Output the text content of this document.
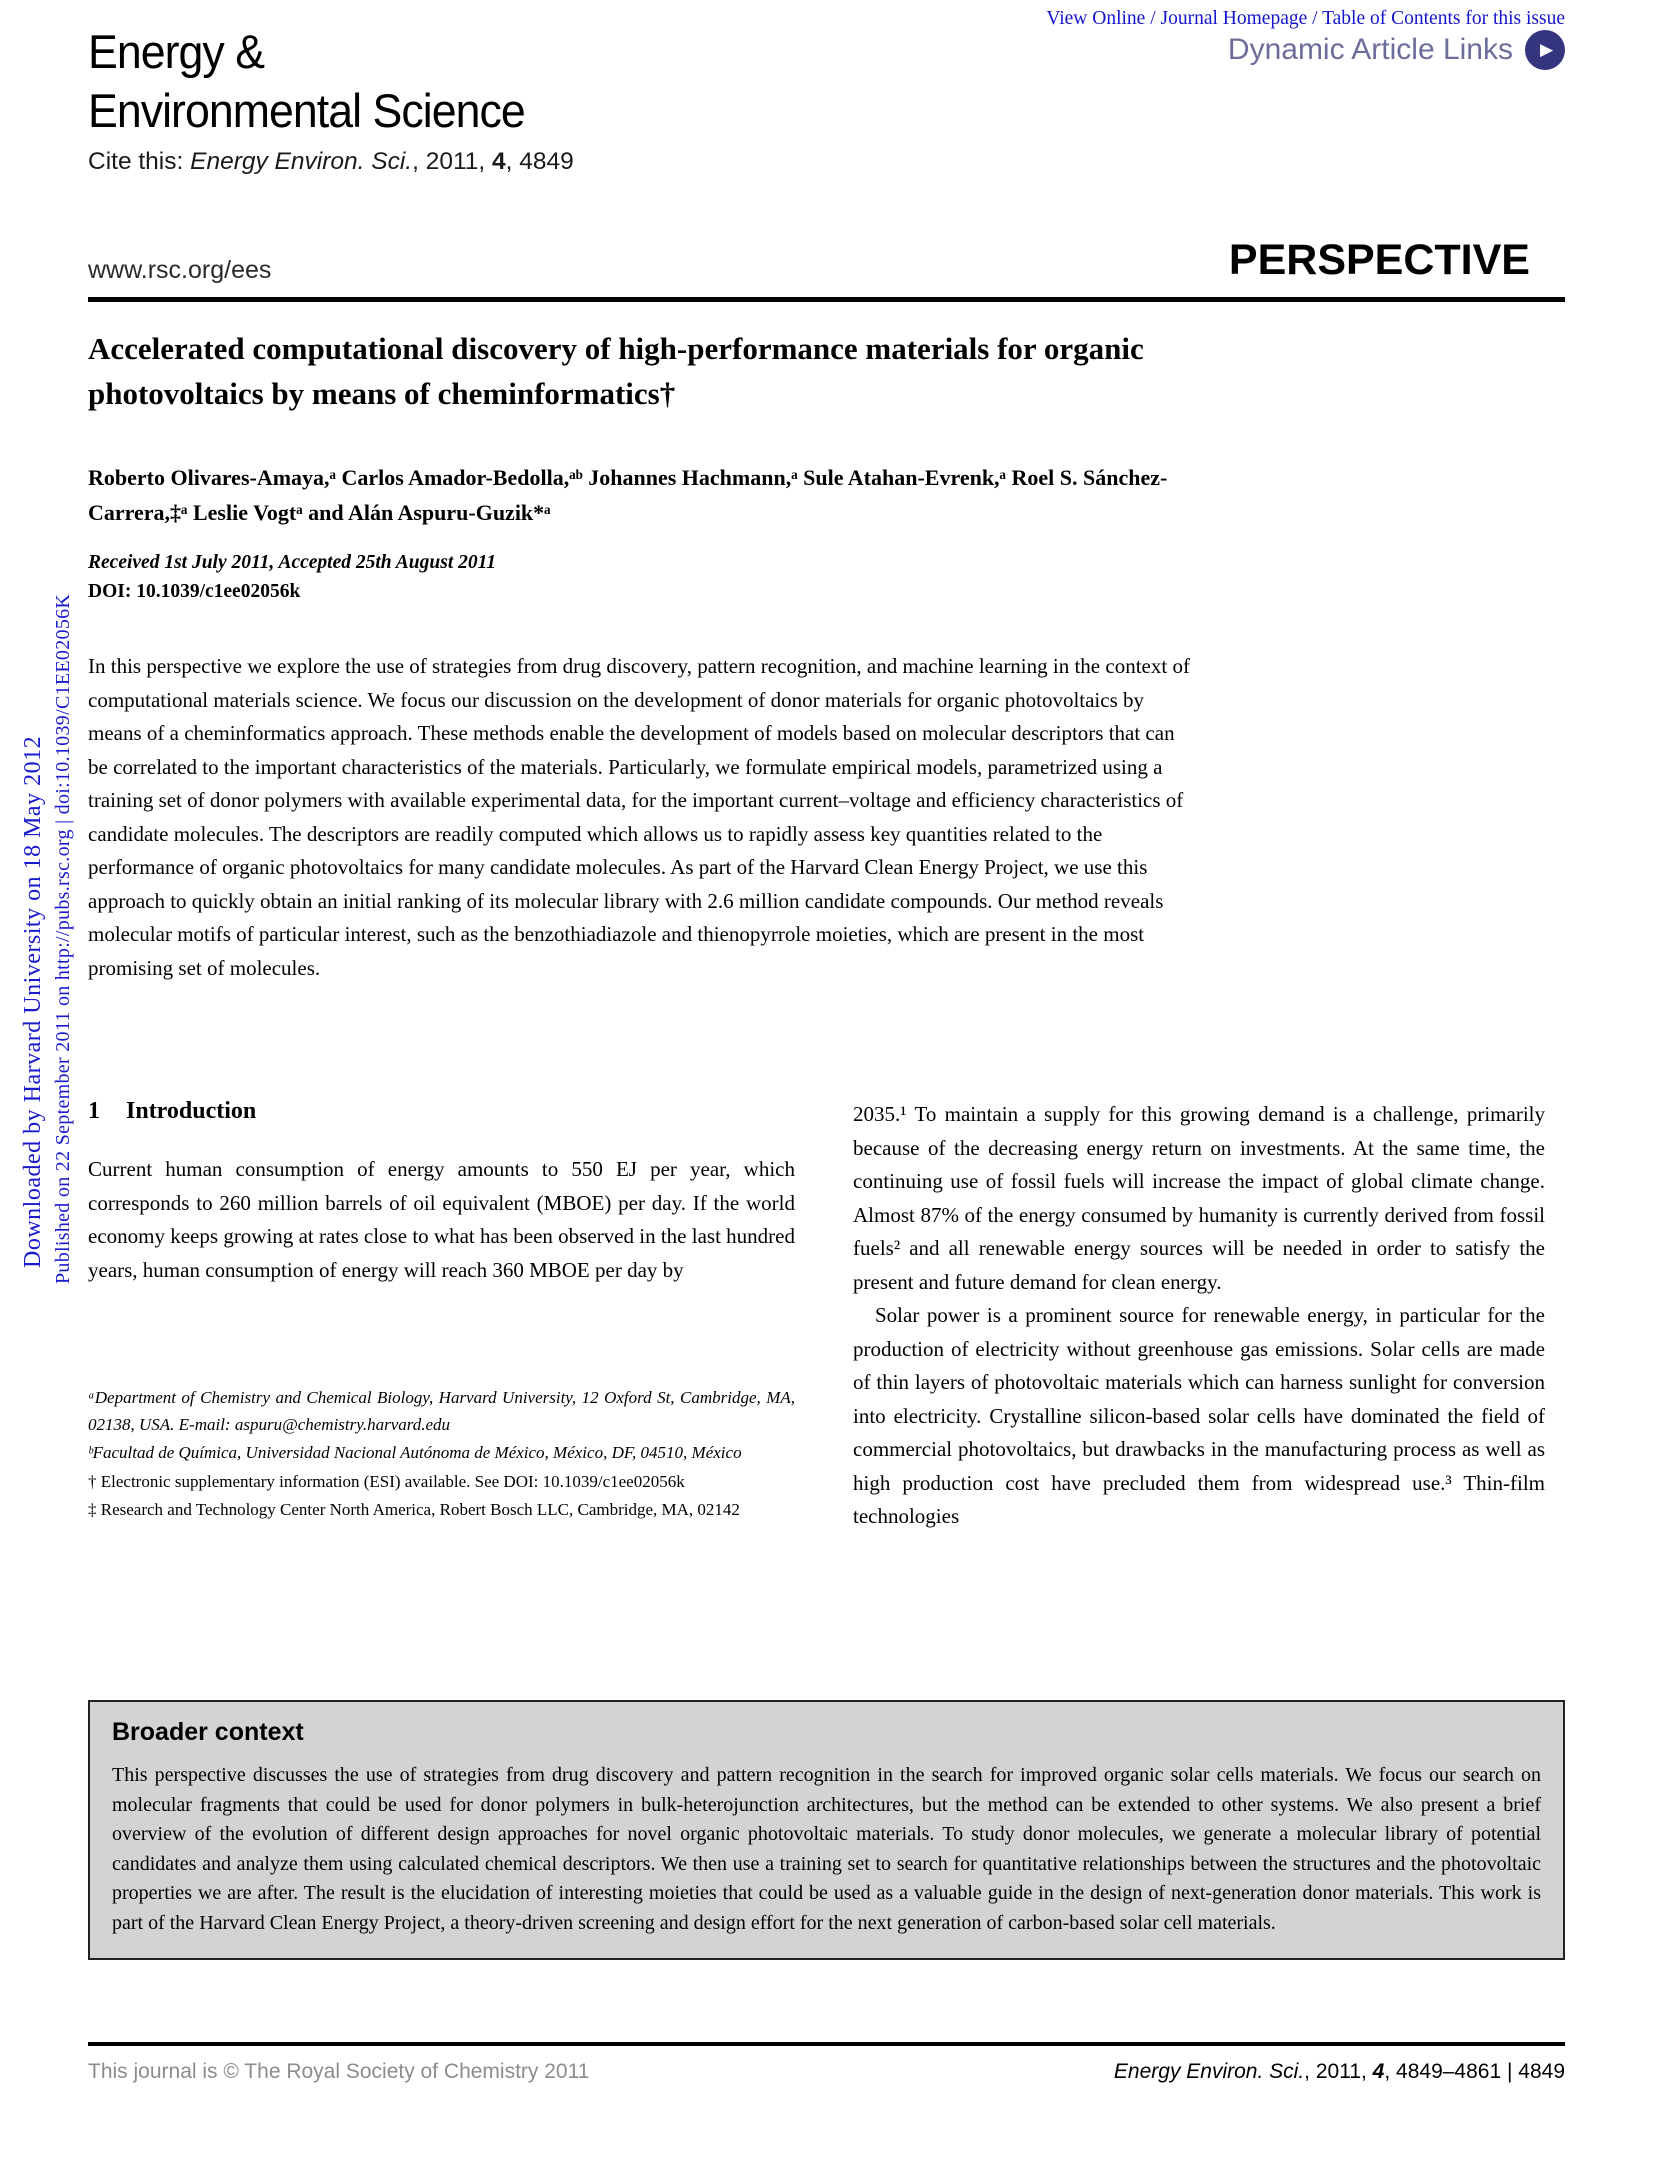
Downloaded by Harvard University on 18 May 2012 Published on 22 September 2011 on http://pubs.rsc.org | doi:10.1039/C1EE02056K
View Online / Journal Homepage / Table of Contents for this issue
Energy &
Environmental Science
Dynamic Article Links	▶
Cite this: Energy Environ. Sci., 2011, 4, 4849
www.rsc.org/ees	PERSPECTIVE
Accelerated computational discovery of high-performance materials for organic photovoltaics by means of cheminformatics†
Roberto Olivares-Amaya,ᵃ Carlos Amador-Bedolla,ᵃᵇ Johannes Hachmann,ᵃ Sule Atahan-Evrenk,ᵃ Roel S. Sánchez-Carrera,‡ᵃ Leslie Vogtᵃ and Alán Aspuru-Guzik*ᵃ
Received 1st July 2011, Accepted 25th August 2011
DOI: 10.1039/c1ee02056k
In this perspective we explore the use of strategies from drug discovery, pattern recognition, and machine learning in the context of computational materials science. We focus our discussion on the development of donor materials for organic photovoltaics by means of a cheminformatics approach. These methods enable the development of models based on molecular descriptors that can be correlated to the important characteristics of the materials. Particularly, we formulate empirical models, parametrized using a training set of donor polymers with available experimental data, for the important current–voltage and efficiency characteristics of candidate molecules. The descriptors are readily computed which allows us to rapidly assess key quantities related to the performance of organic photovoltaics for many candidate molecules. As part of the Harvard Clean Energy Project, we use this approach to quickly obtain an initial ranking of its molecular library with 2.6 million candidate compounds. Our method reveals molecular motifs of particular interest, such as the benzothiadiazole and thienopyrrole moieties, which are present in the most promising set of molecules.
1 Introduction

Current human consumption of energy amounts to 550 EJ per year, which corresponds to 260 million barrels of oil equivalent (MBOE) per day. If the world economy keeps growing at rates close to what has been observed in the last hundred years, human consumption of energy will reach 360 MBOE per day by

2035.¹ To maintain a supply for this growing demand is a challenge, primarily because of the decreasing energy return on investments. At the same time, the continuing use of fossil fuels will increase the impact of global climate change. Almost 87% of the energy consumed by humanity is currently derived from fossil fuels² and all renewable energy sources will be needed in order to satisfy the present and future demand for clean energy.

Solar power is a prominent source for renewable energy, in particular for the production of electricity without greenhouse gas emissions. Solar cells are made of thin layers of photovoltaic materials which can harness sunlight for conversion into electricity. Crystalline silicon-based solar cells have dominated the field of commercial photovoltaics, but drawbacks in the manufacturing process as well as high production cost have precluded them from widespread use.³ Thin-film technologies

ᵃDepartment of Chemistry and Chemical Biology, Harvard University, 12 Oxford St, Cambridge, MA, 02138, USA. E-mail: aspuru@chemistry.harvard.edu

ᵇFacultad de Química, Universidad Nacional Autónoma de México, México, DF, 04510, México

† Electronic supplementary information (ESI) available. See DOI: 10.1039/c1ee02056k

‡ Research and Technology Center North America, Robert Bosch LLC, Cambridge, MA, 02142

Broader context

This perspective discusses the use of strategies from drug discovery and pattern recognition in the search for improved organic solar cells materials. We focus our search on molecular fragments that could be used for donor polymers in bulk-heterojunction architectures, but the method can be extended to other systems. We also present a brief overview of the evolution of different design approaches for novel organic photovoltaic materials. To study donor molecules, we generate a molecular library of potential candidates and analyze them using calculated chemical descriptors. We then use a training set to search for quantitative relationships between the structures and the photovoltaic properties we are after. The result is the elucidation of interesting moieties that could be used as a valuable guide in the design of next-generation donor materials. This work is part of the Harvard Clean Energy Project, a theory-driven screening and design effort for the next generation of carbon-based solar cell materials.

This journal is © The Royal Society of Chemistry 2011	Energy Environ. Sci., 2011, 4, 4849–4861 | 4849
